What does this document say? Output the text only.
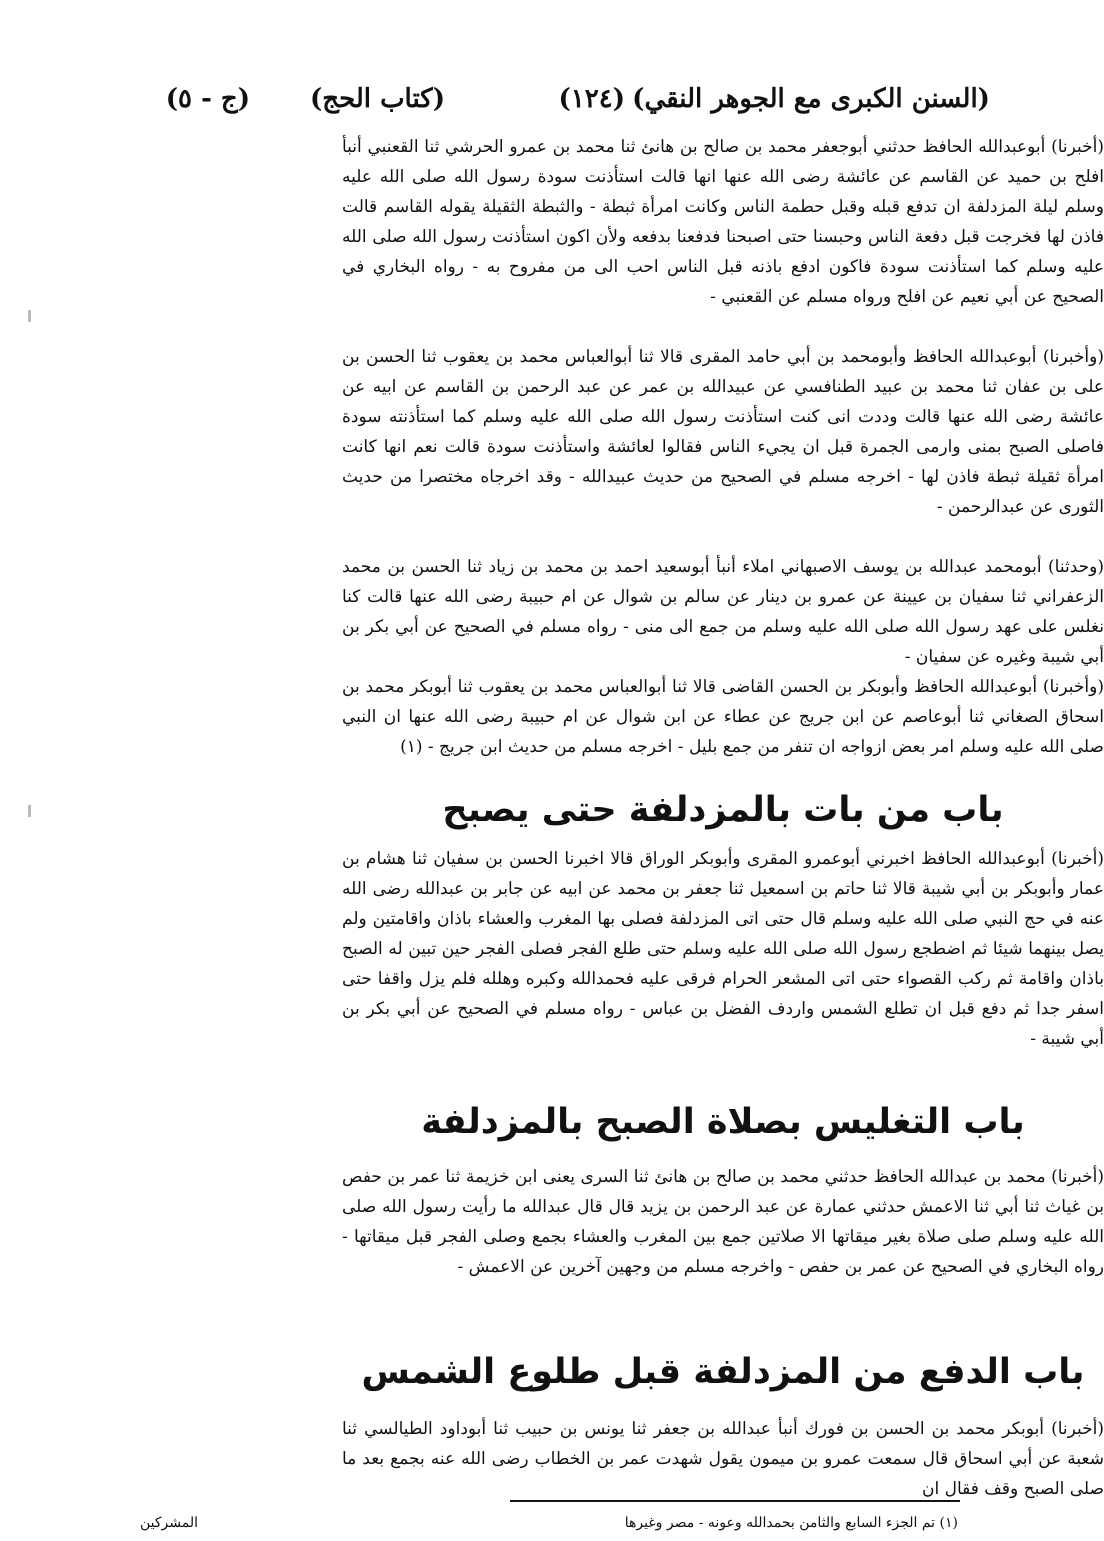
(السنن الكبرى مع الجوهر النقي)
(١٢٤)
(كتاب الحج)
(ج - ٥)

(أخبرنا) أبوعبدالله الحافظ حدثني أبوجعفر محمد بن صالح بن هانئ ثنا محمد بن عمرو الحرشي ثنا القعنبي أنبأ افلح بن حميد عن القاسم عن عائشة رضى الله عنها انها قالت استأذنت سودة رسول الله صلى الله عليه وسلم ليلة المزدلفة ان تدفع قبله وقبل حطمة الناس وكانت امرأة ثبطة - والثبطة الثقيلة يقوله القاسم قالت فاذن لها فخرجت قبل دفعة الناس وحبسنا حتى اصبحنا فدفعنا بدفعه ولأن اكون استأذنت رسول الله صلى الله عليه وسلم كما استأذنت سودة فاكون ادفع باذنه قبل الناس احب الى من مفروح به - رواه البخاري في الصحيح عن أبي نعيم عن افلح ورواه مسلم عن القعنبي -

(وأخبرنا) أبوعبدالله الحافظ وأبومحمد بن أبي حامد المقرى قالا ثنا أبوالعباس محمد بن يعقوب ثنا الحسن بن على بن عفان ثنا محمد بن عبيد الطنافسي عن عبيدالله بن عمر عن عبد الرحمن بن القاسم عن ابيه عن عائشة رضى الله عنها قالت وددت انى كنت استأذنت رسول الله صلى الله عليه وسلم كما استأذنته سودة فاصلى الصبح بمنى وارمى الجمرة قبل ان يجيء الناس فقالوا لعائشة واستأذنت سودة قالت نعم انها كانت امرأة ثقيلة ثبطة فاذن لها - اخرجه مسلم في الصحيح من حديث عبيدالله - وقد اخرجاه مختصرا من حديث الثورى عن عبدالرحمن -

(وحدثنا) أبومحمد عبدالله بن يوسف الاصبهاني املاء أنبأ أبوسعيد احمد بن محمد بن زياد ثنا الحسن بن محمد الزعفراني ثنا سفيان بن عيينة عن عمرو بن دينار عن سالم بن شوال عن ام حبيبة رضى الله عنها قالت كنا نغلس على عهد رسول الله صلى الله عليه وسلم من جمع الى منى - رواه مسلم في الصحيح عن أبي بكر بن أبي شيبة وغيره عن سفيان -

(وأخبرنا) أبوعبدالله الحافظ وأبوبكر بن الحسن القاضى قالا ثنا أبوالعباس محمد بن يعقوب ثنا أبوبكر محمد بن اسحاق الصغاني ثنا أبوعاصم عن ابن جريج عن عطاء عن ابن شوال عن ام حبيبة رضى الله عنها ان النبي صلى الله عليه وسلم امر بعض ازواجه ان تنفر من جمع بليل - اخرجه مسلم من حديث ابن جريج - (١)

باب من بات بالمزدلفة حتى يصبح

(أخبرنا) أبوعبدالله الحافظ اخبرني أبوعمرو المقرى وأبوبكر الوراق قالا اخبرنا الحسن بن سفيان ثنا هشام بن عمار وأبوبكر بن أبي شيبة قالا ثنا حاتم بن اسمعيل ثنا جعفر بن محمد عن ابيه عن جابر بن عبدالله رضى الله عنه في حج النبي صلى الله عليه وسلم قال حتى اتى المزدلفة فصلى بها المغرب والعشاء باذان واقامتين ولم يصل بينهما شيئا ثم اضطجع رسول الله صلى الله عليه وسلم حتى طلع الفجر فصلى الفجر حين تبين له الصبح باذان واقامة ثم ركب القصواء حتى اتى المشعر الحرام فرقى عليه فحمدالله وكبره وهلله فلم يزل واقفا حتى اسفر جدا ثم دفع قبل ان تطلع الشمس واردف الفضل بن عباس - رواه مسلم في الصحيح عن أبي بكر بن أبي شيبة -

باب التغليس بصلاة الصبح بالمزدلفة

(أخبرنا) محمد بن عبدالله الحافظ حدثني محمد بن صالح بن هانئ ثنا السرى يعنى ابن خزيمة ثنا عمر بن حفص بن غياث ثنا أبي ثنا الاعمش حدثني عمارة عن عبد الرحمن بن يزيد قال قال عبدالله ما رأيت رسول الله صلى الله عليه وسلم صلى صلاة بغير ميقاتها الا صلاتين جمع بين المغرب والعشاء بجمع وصلى الفجر قبل ميقاتها - رواه البخاري في الصحيح عن عمر بن حفص - واخرجه مسلم من وجهين آخرين عن الاعمش -

باب الدفع من المزدلفة قبل طلوع الشمس

(أخبرنا) أبوبكر محمد بن الحسن بن فورك أنبأ عبدالله بن جعفر ثنا يونس بن حبيب ثنا أبوداود الطيالسي ثنا شعبة عن أبي اسحاق قال سمعت عمرو بن ميمون يقول شهدت عمر بن الخطاب رضى الله عنه بجمع بعد ما صلى الصبح وقف فقال ان

(١) تم الجزء السابع والثامن بحمدالله وعونه - مصر وغيرها
المشركين
